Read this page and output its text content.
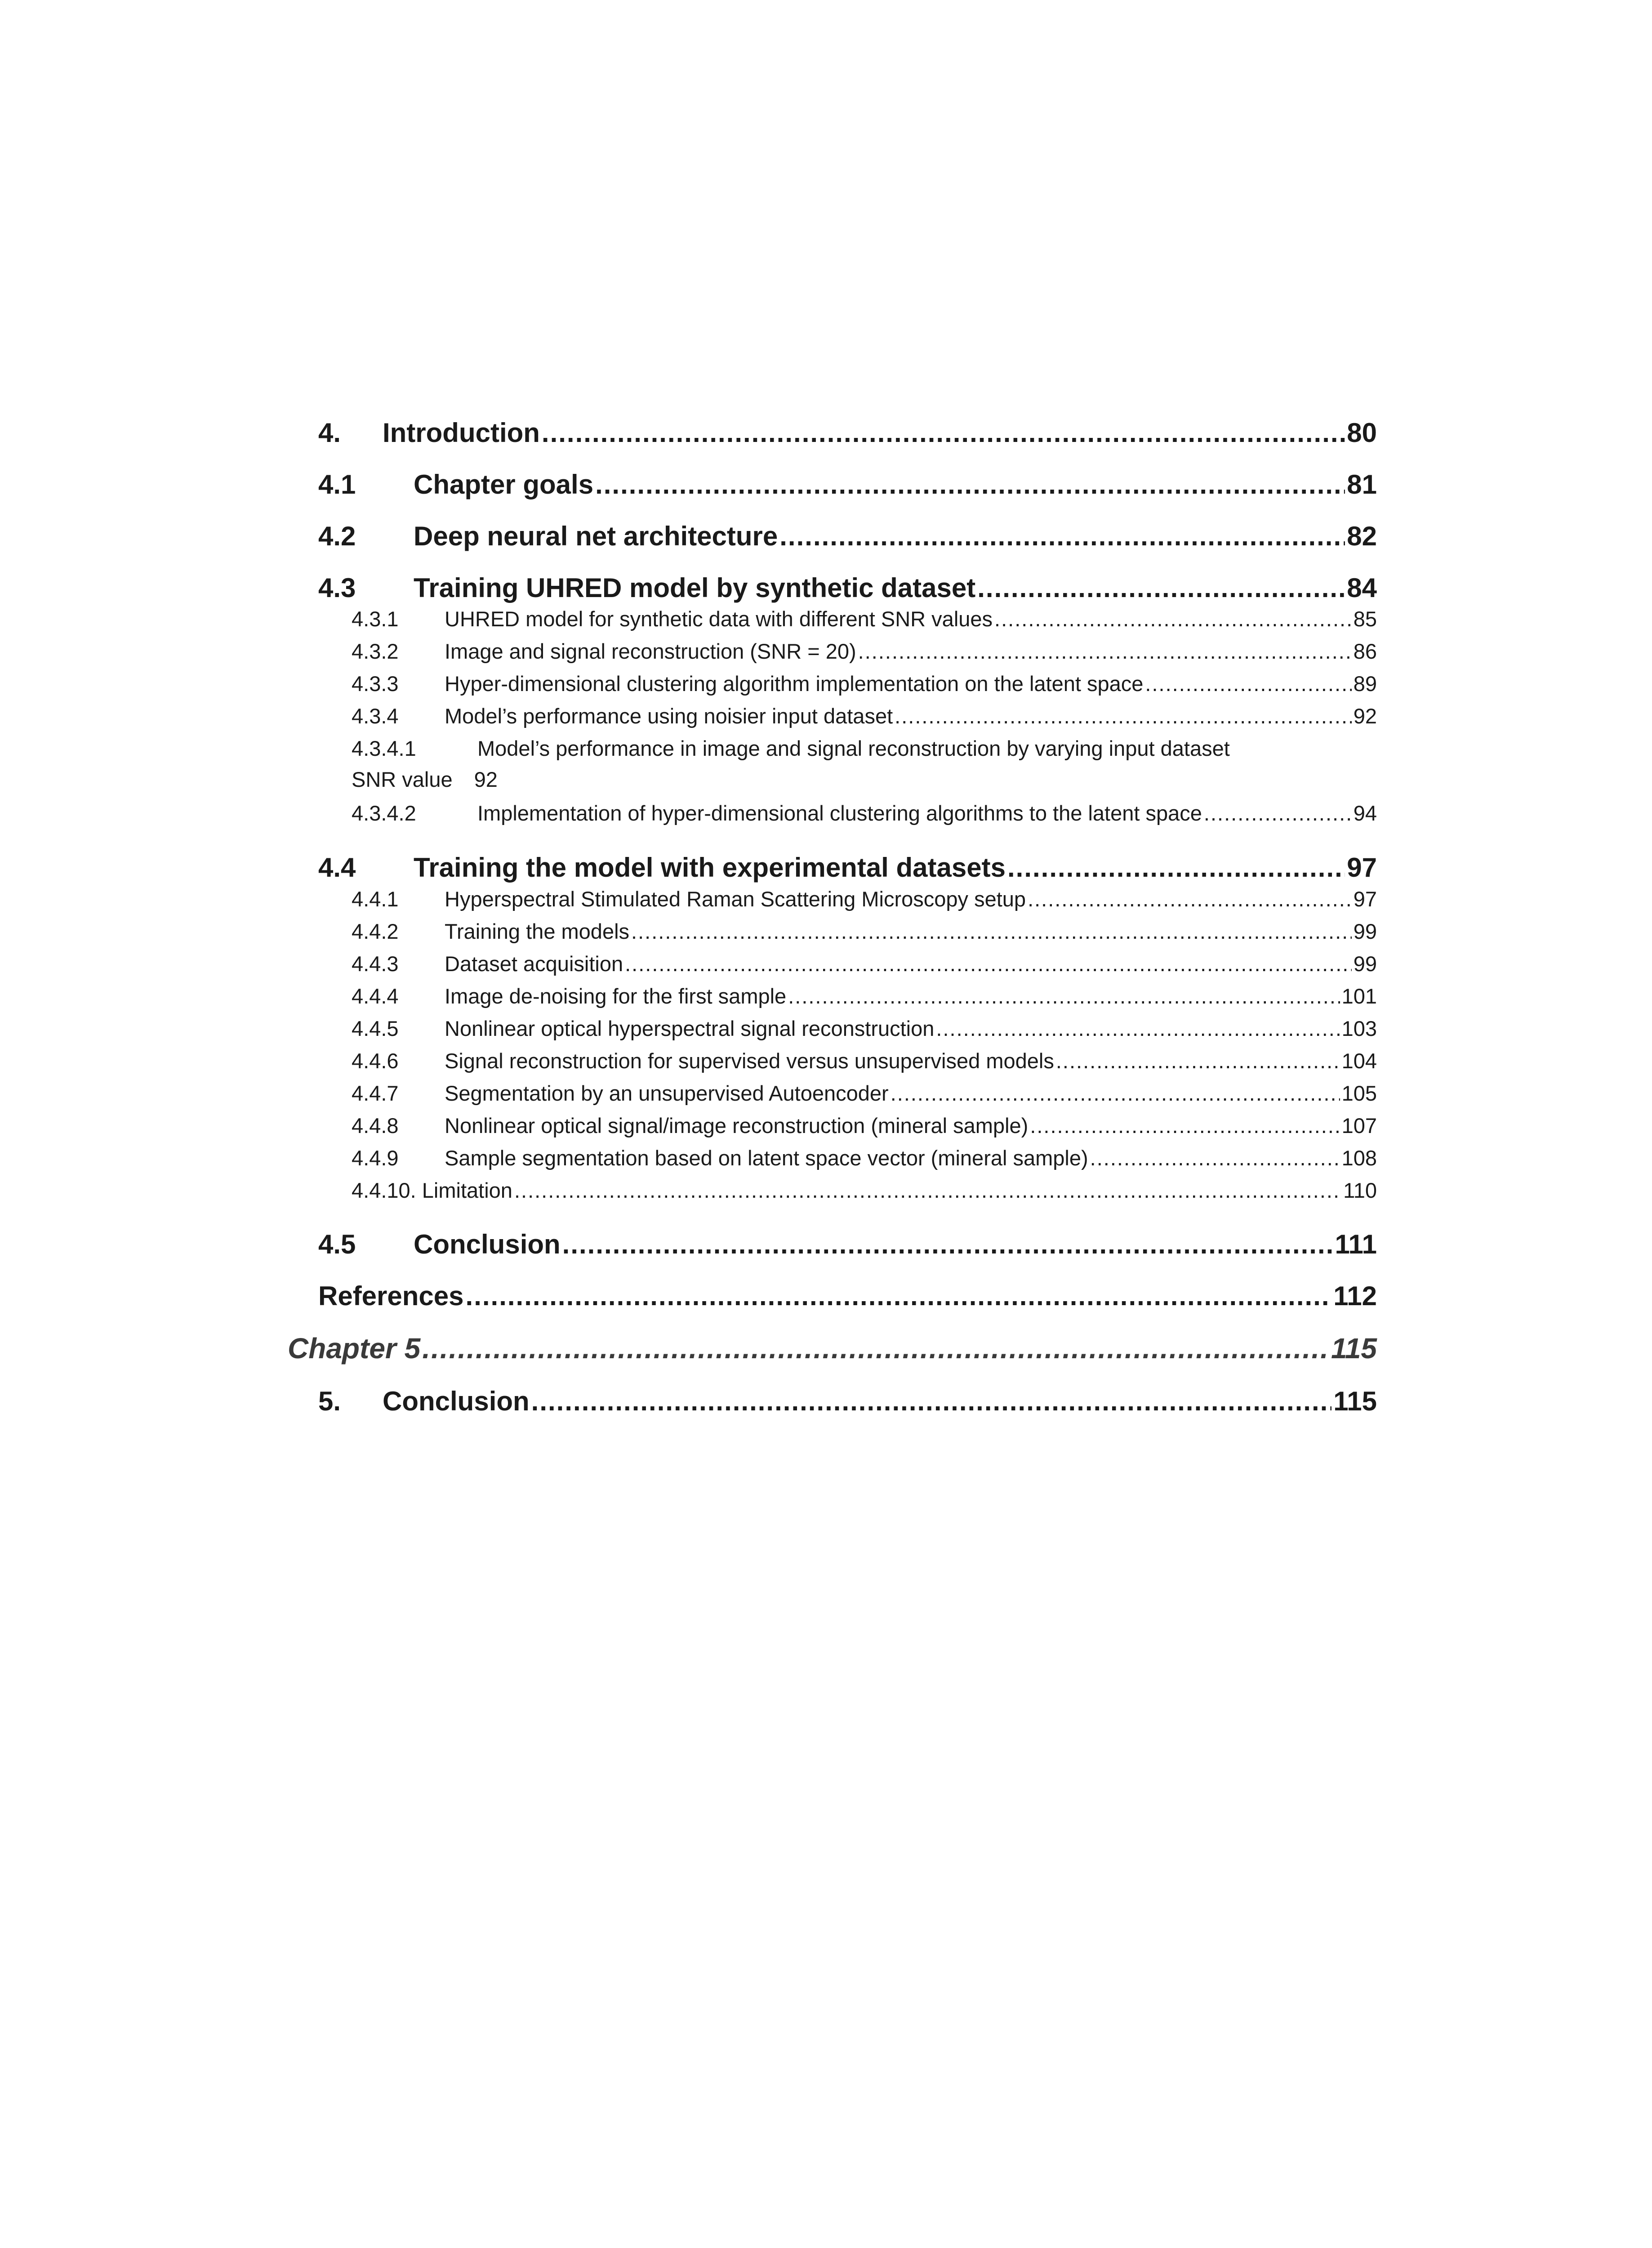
4.	Introduction .....	80
4.1	Chapter goals .....	81
4.2	Deep neural net architecture .....	82
4.3	Training UHRED model by synthetic dataset .....	84
4.3.1	UHRED model for synthetic data with different SNR values .....	85
4.3.2	Image and signal reconstruction (SNR = 20) .....	86
4.3.3	Hyper-dimensional clustering algorithm implementation on the latent space .....	89
4.3.4	Model’s performance using noisier input dataset .....	92
4.3.4.1	Model’s performance in image and signal reconstruction by varying input dataset
SNR value 92
4.3.4.2	Implementation of hyper-dimensional clustering algorithms to the latent space .....	94
4.4	Training the model with experimental datasets .....	97
4.4.1	Hyperspectral Stimulated Raman Scattering Microscopy setup .....	97
4.4.2	Training the models .....	99
4.4.3	Dataset acquisition .....	99
4.4.4	Image de-noising for the first sample .....	101
4.4.5	Nonlinear optical hyperspectral signal reconstruction .....	103
4.4.6	Signal reconstruction for supervised versus unsupervised models .....	104
4.4.7	Segmentation by an unsupervised Autoencoder .....	105
4.4.8	Nonlinear optical signal/image reconstruction (mineral sample) .....	107
4.4.9	Sample segmentation based on latent space vector (mineral sample) .....	108
4.4.10. Limitation .....	110
4.5	Conclusion .....	111
References .....	112
Chapter 5 .....	115
5.	Conclusion .....	115
